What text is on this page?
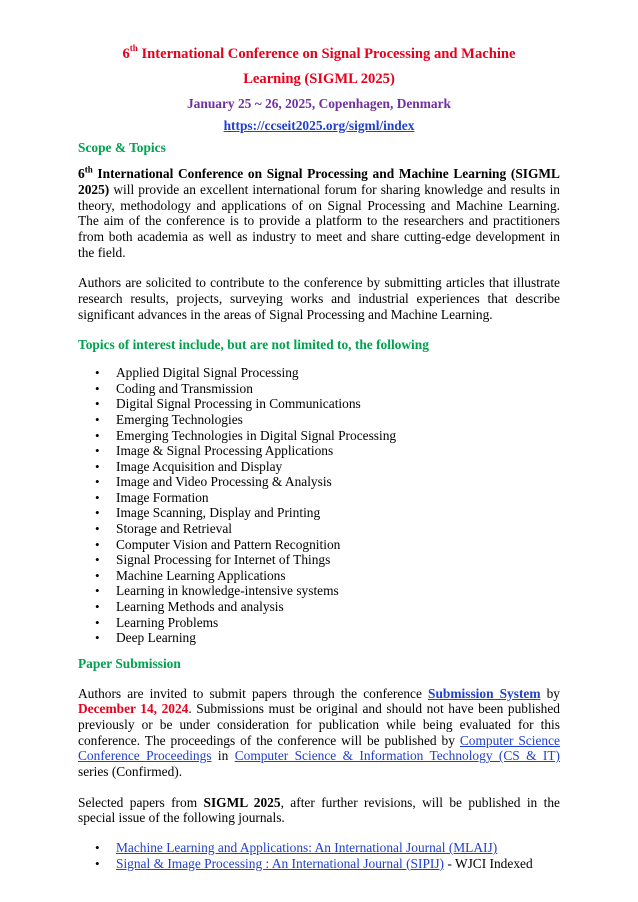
6th International Conference on Signal Processing and Machine
Learning (SIGML 2025)
January 25 ~ 26, 2025, Copenhagen, Denmark
https://ccseit2025.org/sigml/index
Scope & Topics

6th International Conference on Signal Processing and Machine Learning (SIGML 2025) will provide an excellent international forum for sharing knowledge and results in theory, methodology and applications of on Signal Processing and Machine Learning. The aim of the conference is to provide a platform to the researchers and practitioners from both academia as well as industry to meet and share cutting-edge development in the field.

Authors are solicited to contribute to the conference by submitting articles that illustrate research results, projects, surveying works and industrial experiences that describe significant advances in the areas of Signal Processing and Machine Learning.

Topics of interest include, but are not limited to, the following
• Applied Digital Signal Processing
• Coding and Transmission
• Digital Signal Processing in Communications
• Emerging Technologies
• Emerging Technologies in Digital Signal Processing
• Image & Signal Processing Applications
• Image Acquisition and Display
• Image and Video Processing & Analysis
• Image Formation
• Image Scanning, Display and Printing
• Storage and Retrieval
• Computer Vision and Pattern Recognition
• Signal Processing for Internet of Things
• Machine Learning Applications
• Learning in knowledge-intensive systems
• Learning Methods and analysis
• Learning Problems
• Deep Learning
Paper Submission

Authors are invited to submit papers through the conference Submission System by December 14, 2024. Submissions must be original and should not have been published previously or be under consideration for publication while being evaluated for this conference. The proceedings of the conference will be published by Computer Science Conference Proceedings in Computer Science & Information Technology (CS & IT) series (Confirmed).

Selected papers from SIGML 2025, after further revisions, will be published in the special issue of the following journals.

• Machine Learning and Applications: An International Journal (MLAIJ)
• Signal & Image Processing : An International Journal (SIPIJ) - WJCI Indexed
